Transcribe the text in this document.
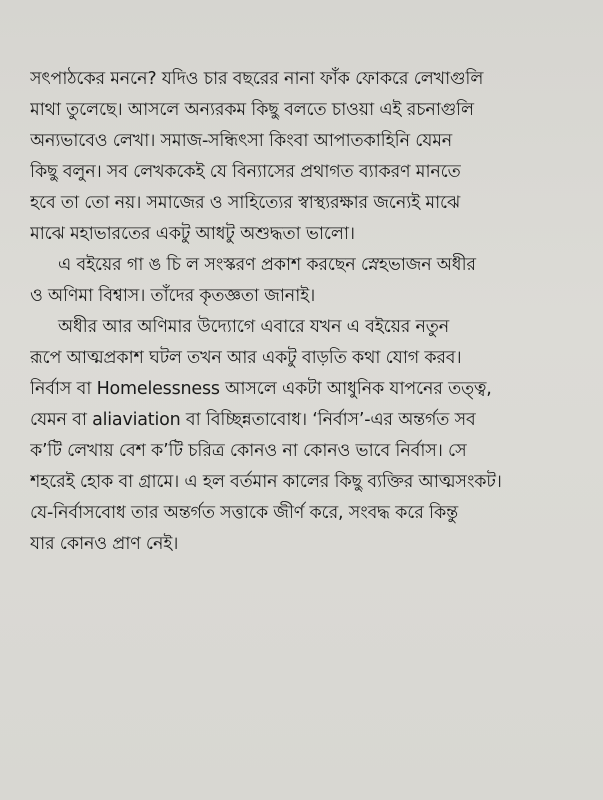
সৎপাঠকের মননে? যদিও চার বছরের নানা ফাঁক ফোকরে লেখাগুলি
মাথা তুলেছে। আসলে অন্যরকম কিছু বলতে চাওয়া এই রচনাগুলি
অন্যভাবেও লেখা। সমাজ-সন্ধিৎসা কিংবা আপাতকাহিনি যেমন
কিছু বলুন। সব লেখককেই যে বিন্যাসের প্রথাগত ব্যাকরণ মানতে
হবে তা তো নয়। সমাজের ও সাহিত্যের স্বাস্থ্যরক্ষার জন্যেই মাঝে
মাঝে মহাভারতের একটু আধটু অশুদ্ধতা ভালো।
এ বইয়ের গা ঙ চি ল সংস্করণ প্রকাশ করছেন স্নেহভাজন অধীর
ও অণিমা বিশ্বাস। তাঁদের কৃতজ্ঞতা জানাই।
অধীর আর অণিমার উদ্যোগে এবারে যখন এ বইয়ের নতুন
রূপে আত্মপ্রকাশ ঘটল তখন আর একটু বাড়তি কথা যোগ করব।
নির্বাস বা Homelessness আসলে একটা আধুনিক যাপনের তত্ত্ব,
যেমন বা aliaviation বা বিচ্ছিন্নতাবোধ। ‘নির্বাস’-এর অন্তর্গত সব
ক’টি লেখায় বেশ ক’টি চরিত্র কোনও না কোনও ভাবে নির্বাস। সে
শহরেই হোক বা গ্রামে। এ হল বর্তমান কালের কিছু ব্যক্তির আত্মসংকট।
যে-নির্বাসবোধ তার অন্তর্গত সত্তাকে জীর্ণ করে, সংবদ্ধ করে কিন্তু
যার কোনও প্রাণ নেই।
